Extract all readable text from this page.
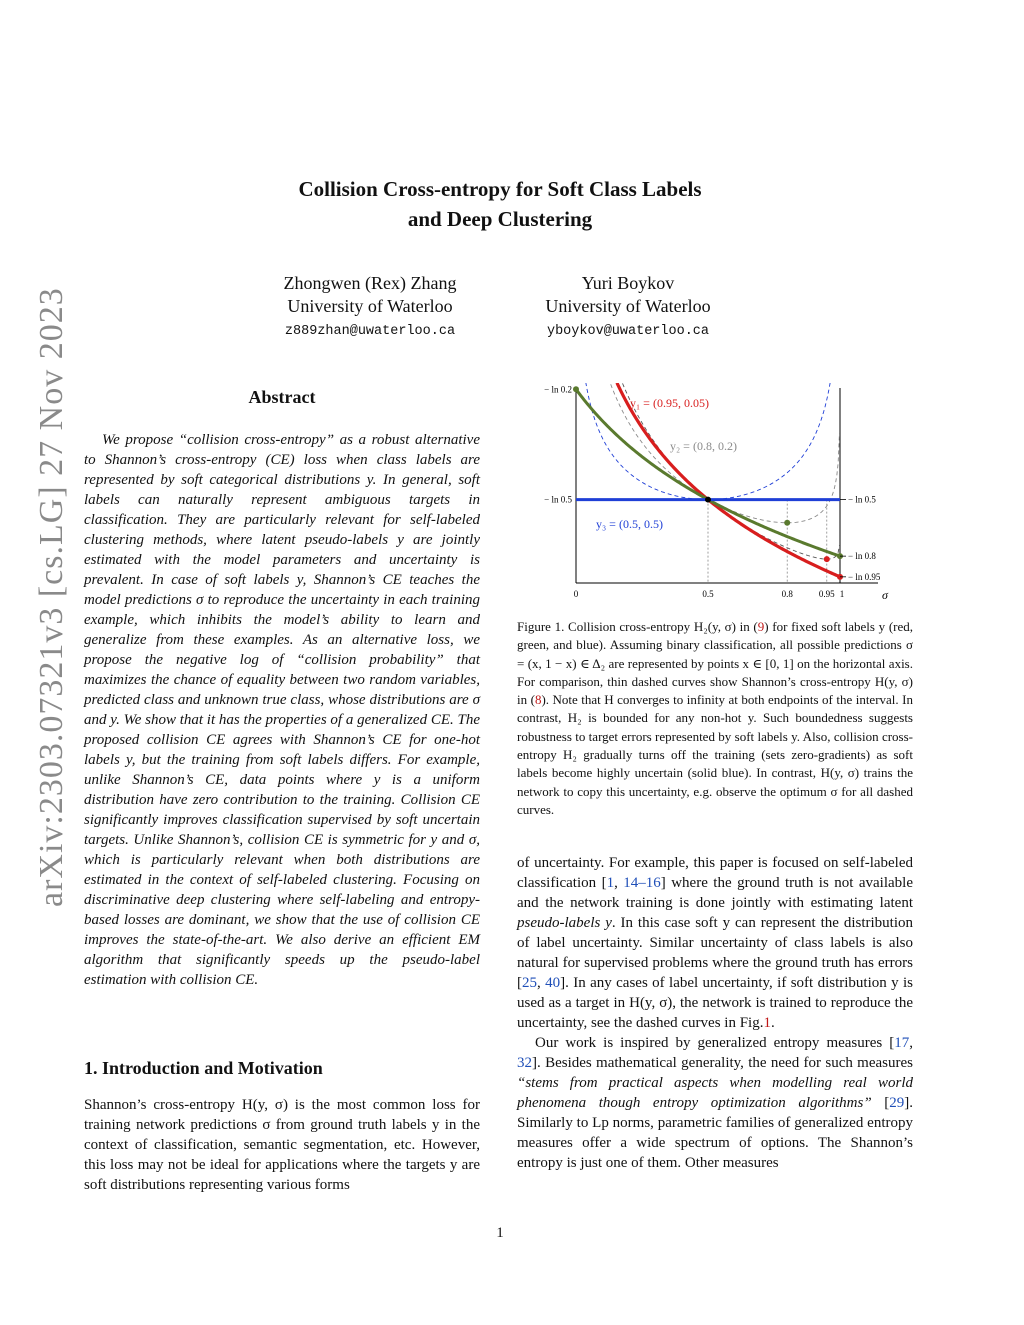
arXiv:2303.07321v3 [cs.LG] 27 Nov 2023
Collision Cross-entropy for Soft Class Labels
and Deep Clustering
Zhongwen (Rex) Zhang
University of Waterloo
z889zhan@uwaterloo.ca
Yuri Boykov
University of Waterloo
yboykov@uwaterloo.ca
Abstract

We propose “collision cross-entropy” as a robust alternative to Shannon’s cross-entropy (CE) loss when class labels are represented by soft categorical distributions y. In general, soft labels can naturally represent ambiguous targets in classification. They are particularly relevant for self-labeled clustering methods, where latent pseudo-labels y are jointly estimated with the model parameters and uncertainty is prevalent. In case of soft labels y, Shannon’s CE teaches the model predictions σ to reproduce the uncertainty in each training example, which inhibits the model’s ability to learn and generalize from these examples. As an alternative loss, we propose the negative log of “collision probability” that maximizes the chance of equality between two random variables, predicted class and unknown true class, whose distributions are σ and y. We show that it has the properties of a generalized CE. The proposed collision CE agrees with Shannon’s CE for one-hot labels y, but the training from soft labels differs. For example, unlike Shannon’s CE, data points where y is a uniform distribution have zero contribution to the training. Collision CE significantly improves classification supervised by soft uncertain targets. Unlike Shannon’s, collision CE is symmetric for y and σ, which is particularly relevant when both distributions are estimated in the context of self-labeled clustering. Focusing on discriminative deep clustering where self-labeling and entropy-based losses are dominant, we show that the use of collision CE improves the state-of-the-art. We also derive an efficient EM algorithm that significantly speeds up the pseudo-label estimation with collision CE.

1. Introduction and Motivation

Shannon’s cross-entropy H(y, σ) is the most common loss for training network predictions σ from ground truth labels y in the context of classification, semantic segmentation, etc. However, this loss may not be ideal for applications where the targets y are soft distributions representing various forms

0	0.5	0.8	0.95 1	σ
− ln 0.2
− ln 0.5	− ln 0.5
− ln 0.8
− ln 0.95
y₁ = (0.95, 0.05)
y₂ = (0.8, 0.2)
y₃ = (0.5, 0.5)

Figure 1. Collision cross-entropy H₂(y, σ) in (9) for fixed soft labels y (red, green, and blue). Assuming binary classification, all possible predictions σ = (x, 1 − x) ∈ Δ₂ are represented by points x ∈ [0, 1] on the horizontal axis. For comparison, thin dashed curves show Shannon’s cross-entropy H(y, σ) in (8). Note that H converges to infinity at both endpoints of the interval. In contrast, H₂ is bounded for any non-hot y. Such boundedness suggests robustness to target errors represented by soft labels y. Also, collision cross-entropy H₂ gradually turns off the training (sets zero-gradients) as soft labels become highly uncertain (solid blue). In contrast, H(y, σ) trains the network to copy this uncertainty, e.g. observe the optimum σ for all dashed curves.

of uncertainty. For example, this paper is focused on self-labeled classification [1, 14–16] where the ground truth is not available and the network training is done jointly with estimating latent pseudo-labels y. In this case soft y can represent the distribution of label uncertainty. Similar uncertainty of class labels is also natural for supervised problems where the ground truth has errors [25, 40]. In any cases of label uncertainty, if soft distribution y is used as a target in H(y, σ), the network is trained to reproduce the uncertainty, see the dashed curves in Fig.1.
Our work is inspired by generalized entropy measures [17, 32]. Besides mathematical generality, the need for such measures “stems from practical aspects when modelling real world phenomena though entropy optimization algorithms” [29]. Similarly to Lp norms, parametric families of generalized entropy measures offer a wide spectrum of options. The Shannon’s entropy is just one of them. Other measures

1
